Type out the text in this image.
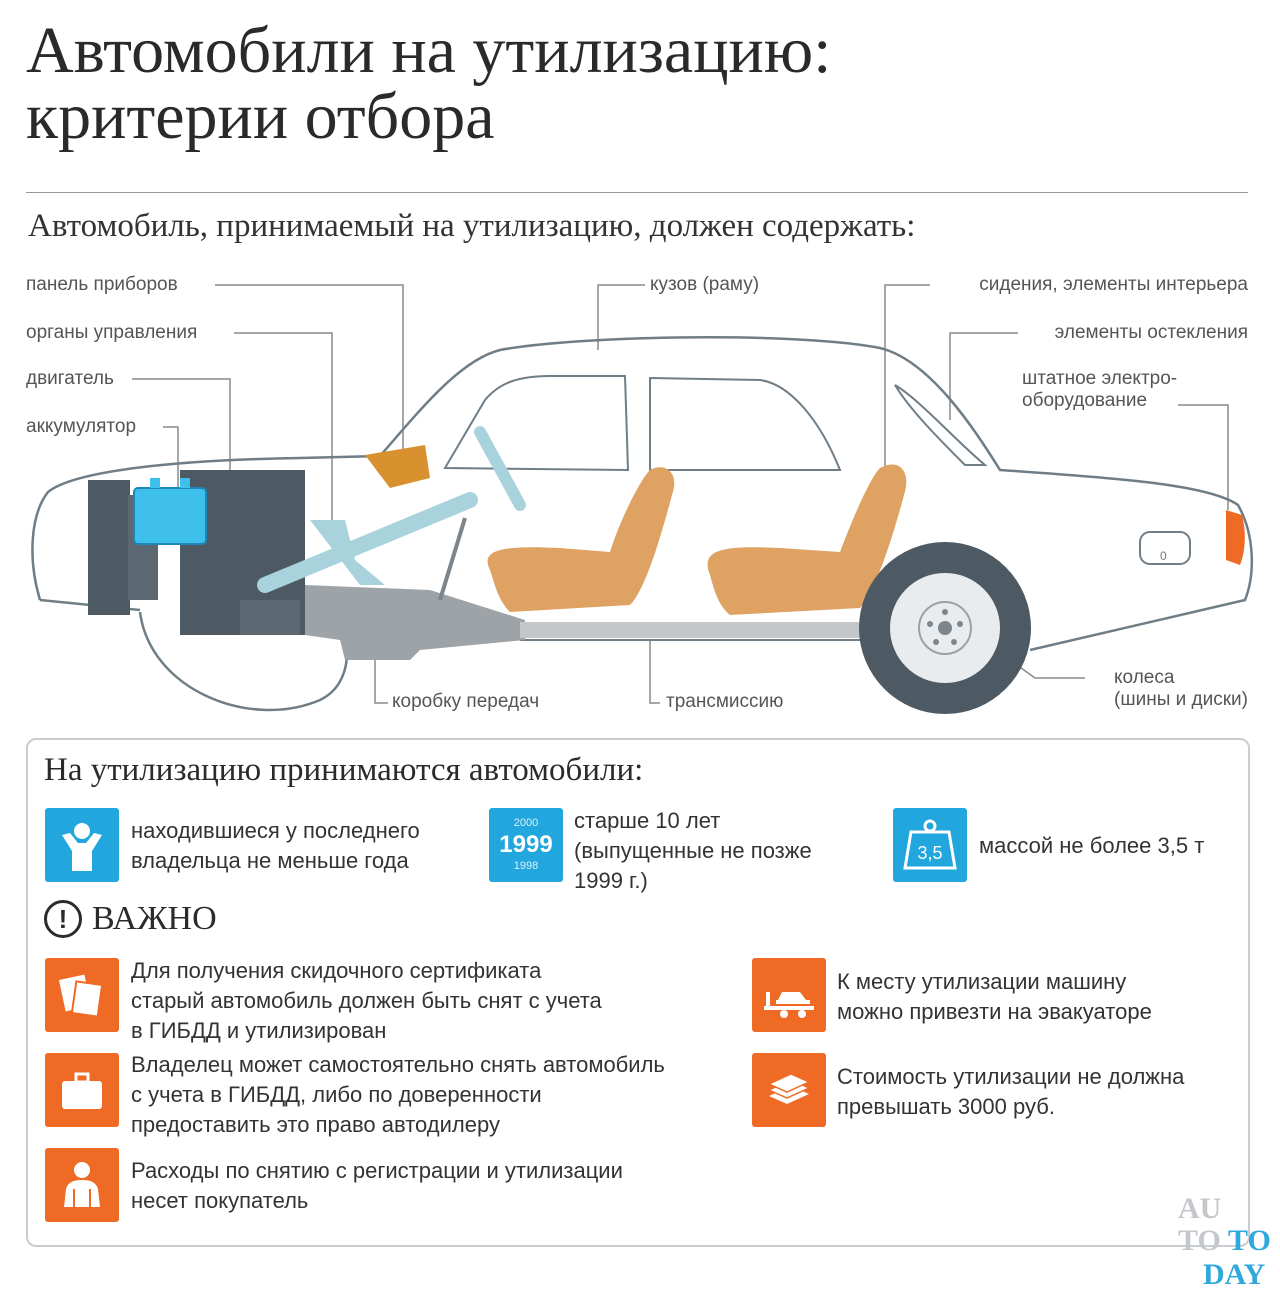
Автомобили на утилизацию:
критерии отбора
Автомобиль, принимаемый на утилизацию, должен содержать:
0
панель приборов
органы управления
двигатель
аккумулятор
кузов (раму)	сидения, элементы интерьера
элементы остекления
штатное электро-
оборудование
коробку передач	трансмиссию
колеса
(шины и диски)
На утилизацию принимаются автомобили:
находившиеся у последнего
владельца не меньше года
2000
1999
1998
старше 10 лет
(выпущенные не позже
1999 г.)
3,5 массой не более 3,5 т
! ВАЖНО
Для получения скидочного сертификата
старый автомобиль должен быть снят с учета
в ГИБДД и утилизирован
Владелец может самостоятельно снять автомобиль
с учета в ГИБДД, либо по доверенности
предоставить это право автодилеру
Расходы по снятию с регистрации и утилизации
несет покупатель
К месту утилизации машину
можно привезти на эвакуаторе
Стоимость утилизации не должна
превышать 3000 руб.
AU
TO TO
DAY
